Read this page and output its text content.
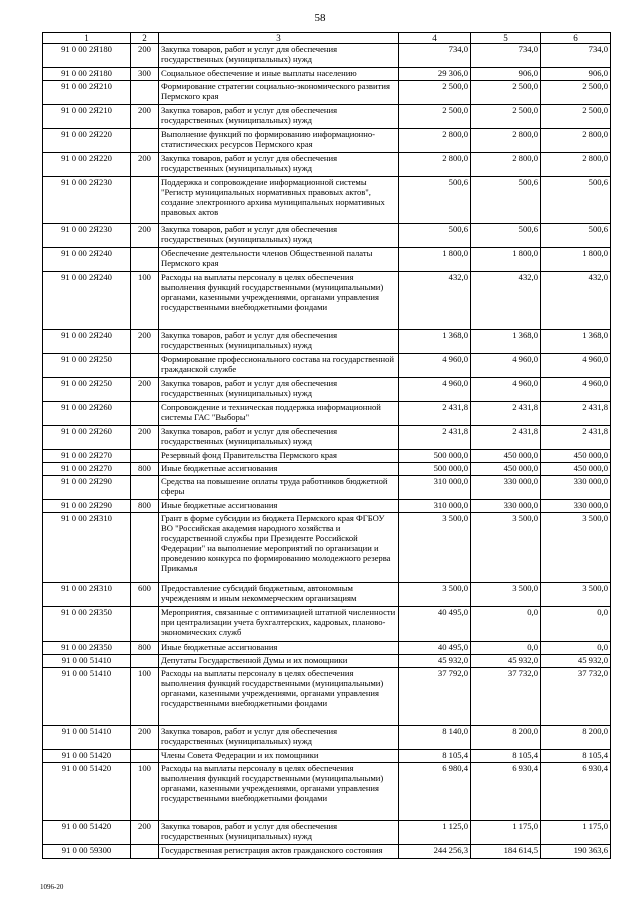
58
1	2	3	4	5	6
91 0 00 2Я180	200	Закупка товаров, работ и услуг для обеспечения государственных (муниципальных) нужд	734,0	734,0	734,0
91 0 00 2Я180	300	Социальное обеспечение и иные выплаты населению	29 306,0	906,0	906,0
91 0 00 2Я210		Формирование стратегии социально-экономического развития Пермского края	2 500,0	2 500,0	2 500,0
91 0 00 2Я210	200	Закупка товаров, работ и услуг для обеспечения государственных (муниципальных) нужд	2 500,0	2 500,0	2 500,0
91 0 00 2Я220		Выполнение функций по формированию информационно-статистических ресурсов Пермского края	2 800,0	2 800,0	2 800,0
91 0 00 2Я220	200	Закупка товаров, работ и услуг для обеспечения государственных (муниципальных) нужд	2 800,0	2 800,0	2 800,0
91 0 00 2Я230		Поддержка и сопровождение информационной системы "Регистр муниципальных нормативных правовых актов", создание электронного архива муниципальных нормативных правовых актов	500,6	500,6	500,6
91 0 00 2Я230	200	Закупка товаров, работ и услуг для обеспечения государственных (муниципальных) нужд	500,6	500,6	500,6
91 0 00 2Я240		Обеспечение деятельности членов Общественной палаты Пермского края	1 800,0	1 800,0	1 800,0
91 0 00 2Я240	100	Расходы на выплаты персоналу в целях обеспечения выполнения функций государственными (муниципальными) органами, казенными учреждениями, органами управления государственными внебюджетными фондами	432,0	432,0	432,0
91 0 00 2Я240	200	Закупка товаров, работ и услуг для обеспечения государственных (муниципальных) нужд	1 368,0	1 368,0	1 368,0
91 0 00 2Я250		Формирование профессионального состава на государственной гражданской службе	4 960,0	4 960,0	4 960,0
91 0 00 2Я250	200	Закупка товаров, работ и услуг для обеспечения государственных (муниципальных) нужд	4 960,0	4 960,0	4 960,0
91 0 00 2Я260		Сопровождение и техническая поддержка информационной системы ГАС "Выборы"	2 431,8	2 431,8	2 431,8
91 0 00 2Я260	200	Закупка товаров, работ и услуг для обеспечения государственных (муниципальных) нужд	2 431,8	2 431,8	2 431,8
91 0 00 2Я270		Резервный фонд Правительства Пермского края	500 000,0	450 000,0	450 000,0
91 0 00 2Я270	800	Иные бюджетные ассигнования	500 000,0	450 000,0	450 000,0
91 0 00 2Я290		Средства на повышение оплаты труда работников бюджетной сферы	310 000,0	330 000,0	330 000,0
91 0 00 2Я290	800	Иные бюджетные ассигнования	310 000,0	330 000,0	330 000,0
91 0 00 2Я310		Грант в форме субсидии из бюджета Пермского края ФГБОУ ВО "Российская академия народного хозяйства и государственной службы при Президенте Российской Федерации" на выполнение мероприятий по организации и проведению конкурса по формированию молодежного резерва Прикамья	3 500,0	3 500,0	3 500,0
91 0 00 2Я310	600	Предоставление субсидий бюджетным, автономным учреждениям и иным некоммерческим организациям	3 500,0	3 500,0	3 500,0
91 0 00 2Я350		Мероприятия, связанные с оптимизацией штатной численности при централизации учета бухгалтерских, кадровых, планово-экономических служб	40 495,0	0,0	0,0
91 0 00 2Я350	800	Иные бюджетные ассигнования	40 495,0	0,0	0,0
91 0 00 51410		Депутаты Государственной Думы и их помощники	45 932,0	45 932,0	45 932,0
91 0 00 51410	100	Расходы на выплаты персоналу в целях обеспечения выполнения функций государственными (муниципальными) органами, казенными учреждениями, органами управления государственными внебюджетными фондами	37 792,0	37 732,0	37 732,0
91 0 00 51410	200	Закупка товаров, работ и услуг для обеспечения государственных (муниципальных) нужд	8 140,0	8 200,0	8 200,0
91 0 00 51420		Члены Совета Федерации и их помощники	8 105,4	8 105,4	8 105,4
91 0 00 51420	100	Расходы на выплаты персоналу в целях обеспечения выполнения функций государственными (муниципальными) органами, казенными учреждениями, органами управления государственными внебюджетными фондами	6 980,4	6 930,4	6 930,4
91 0 00 51420	200	Закупка товаров, работ и услуг для обеспечения государственных (муниципальных) нужд	1 125,0	1 175,0	1 175,0
91 0 00 59300		Государственная регистрация актов гражданского состояния	244 256,3	184 614,5	190 363,6
1096-20
